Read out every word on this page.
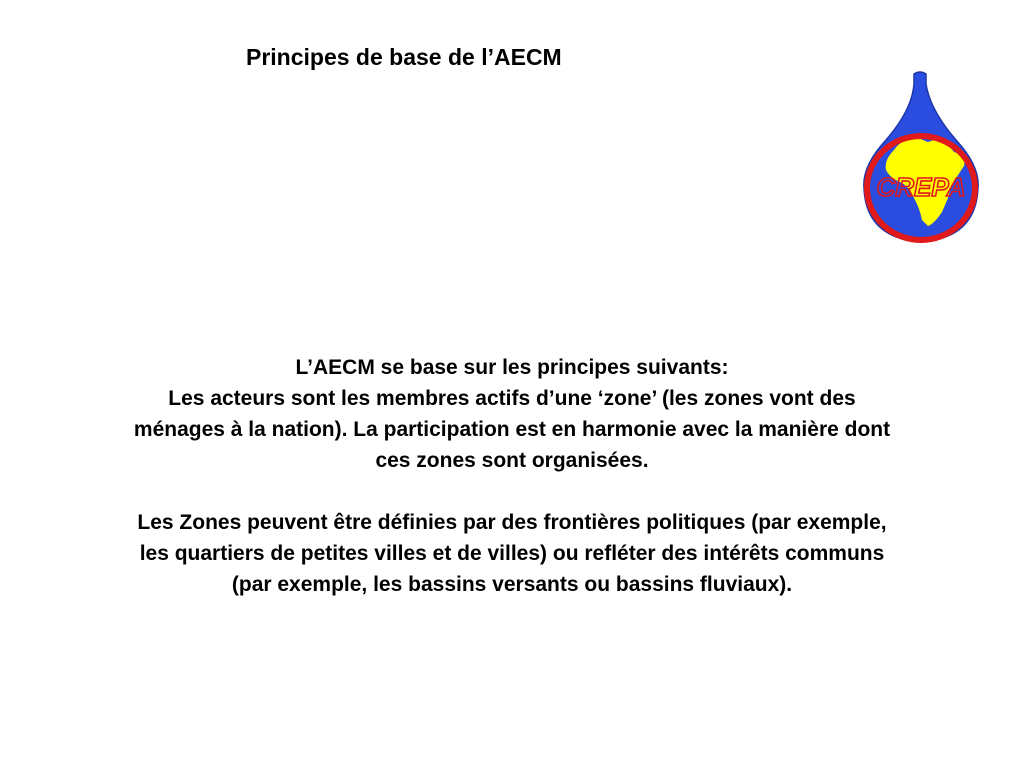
Principes de base de l’AECM
CREPA

L’AECM se base sur les principes suivants:

Les acteurs sont les membres actifs d’une ‘zone’ (les zones vont des

ménages à la nation). La participation est en harmonie avec la manière dont

ces zones sont organisées.

Les Zones peuvent être définies par des frontières politiques (par exemple,

les quartiers de petites villes et de villes) ou refléter des intérêts communs

(par exemple, les bassins versants ou bassins fluviaux).
